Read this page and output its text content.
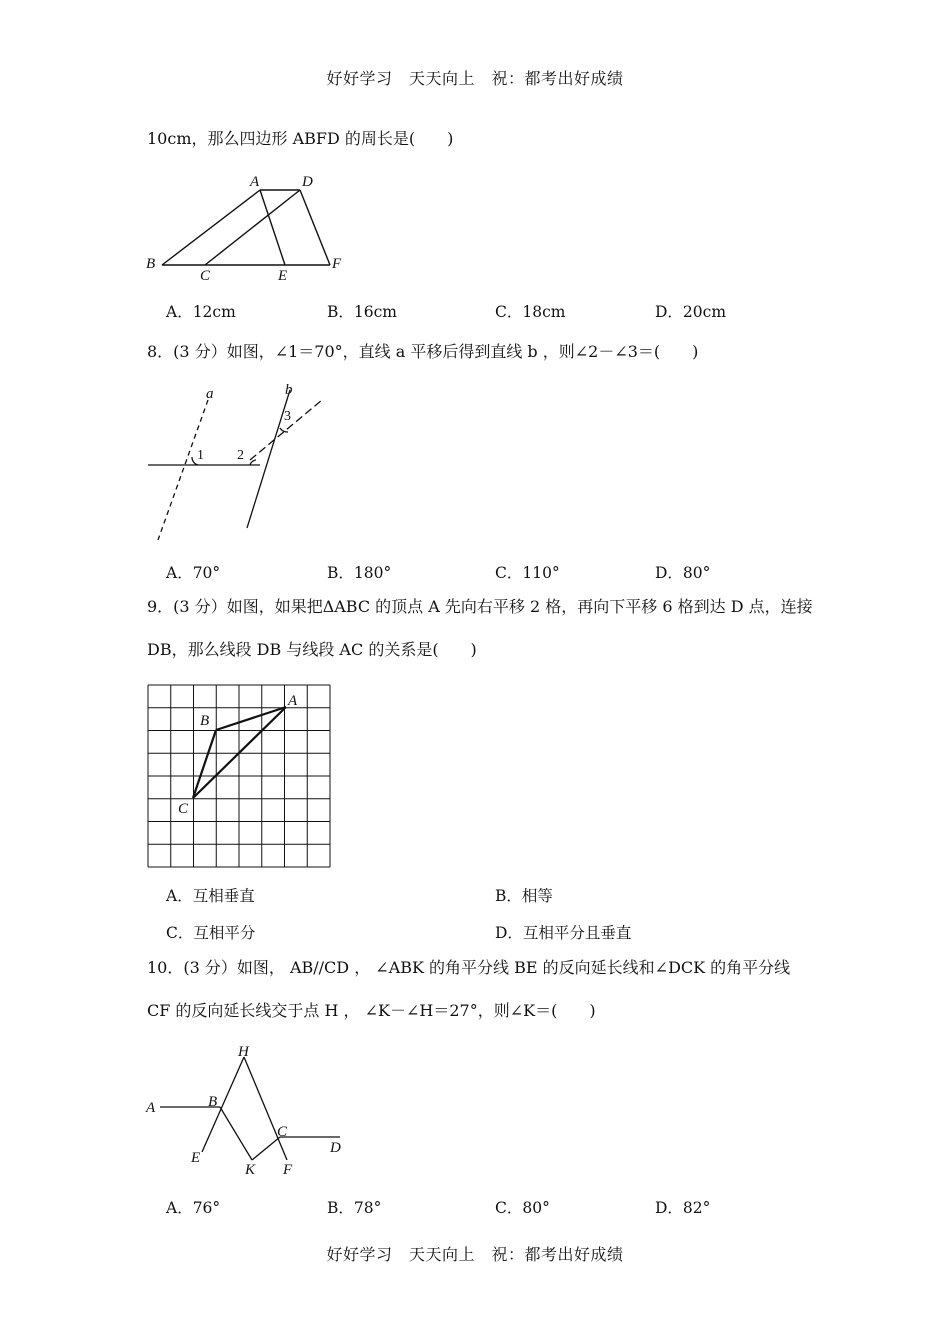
好好学习　天天向上　祝：都考出好成绩
10cm，那么四边形 ABFD 的周长是(　　)
A	D
B
C	E
F
A．12cm	B．16cm	C．18cm	D．20cm
8．(3 分）如图，∠1＝70°，直线 a 平移后得到直线 b ，则∠2－∠3＝(　　)
a	b
1 2
3
A．70°	B．180°	C．110°	D．80°
9．(3 分）如图，如果把ΔABC 的顶点 A 先向右平移 2 格，再向下平移 6 格到达 D 点，连接
DB，那么线段 DB 与线段 AC 的关系是(　　)
A
B
C
A．互相垂直	B．相等
C．互相平分	D．互相平分且垂直
10．(3 分）如图， AB//CD ， ∠ABK 的角平分线 BE 的反向延长线和∠DCK 的角平分线
CF 的反向延长线交于点 H ， ∠K－∠H＝27°，则∠K＝(　　)
H
A	B
C
D
E
K F
A．76°	B．78°	C．80°	D．82°
好好学习　天天向上　祝：都考出好成绩
